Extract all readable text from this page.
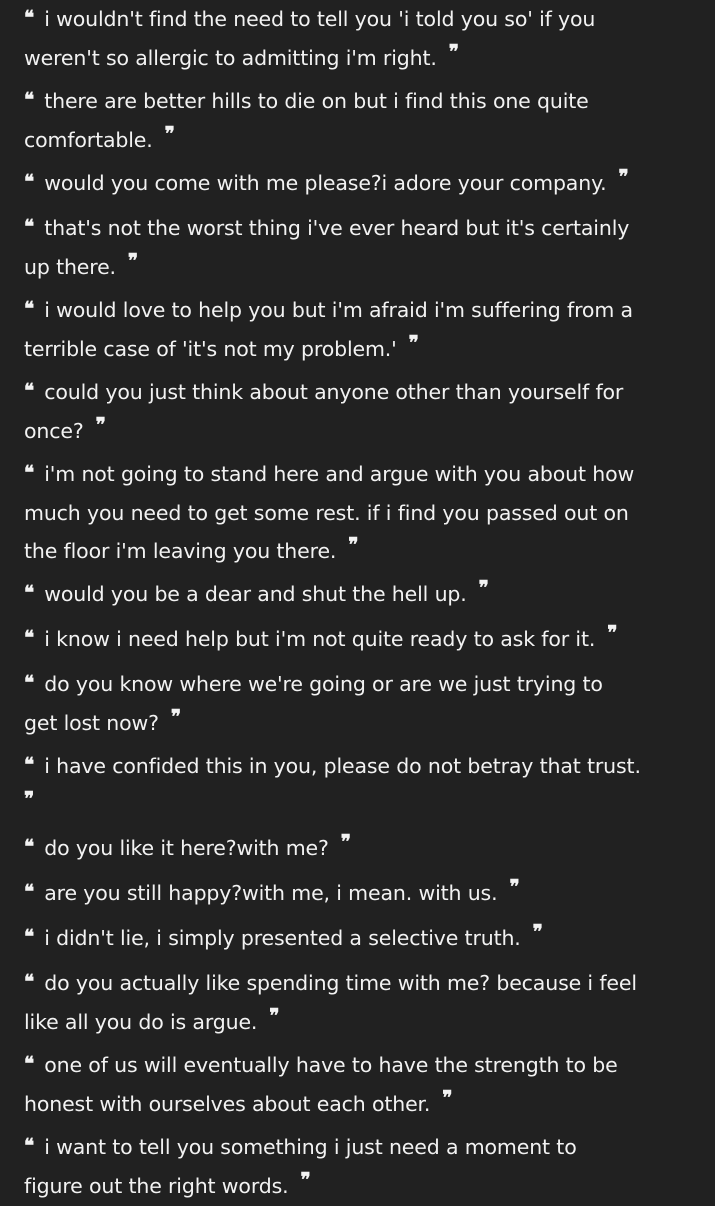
❝ i wouldn't find the need to tell you 'i told you so' if you
weren't so allergic to admitting i'm right. ❞
❝ there are better hills to die on but i find this one quite
comfortable. ❞
❝ would you come with me please?i adore your company. ❞
❝ that's not the worst thing i've ever heard but it's certainly
up there. ❞
❝ i would love to help you but i'm afraid i'm suffering from a
terrible case of 'it's not my problem.' ❞
❝ could you just think about anyone other than yourself for
once? ❞
❝ i'm not going to stand here and argue with you about how
much you need to get some rest. if i find you passed out on
the floor i'm leaving you there. ❞
❝ would you be a dear and shut the hell up. ❞
❝ i know i need help but i'm not quite ready to ask for it. ❞
❝ do you know where we're going or are we just trying to
get lost now? ❞
❝ i have confided this in you, please do not betray that trust.
❞
❝ do you like it here?with me? ❞
❝ are you still happy?with me, i mean. with us. ❞
❝ i didn't lie, i simply presented a selective truth. ❞
❝ do you actually like spending time with me? because i feel
like all you do is argue. ❞
❝ one of us will eventually have to have the strength to be
honest with ourselves about each other. ❞
❝ i want to tell you something i just need a moment to
figure out the right words. ❞
